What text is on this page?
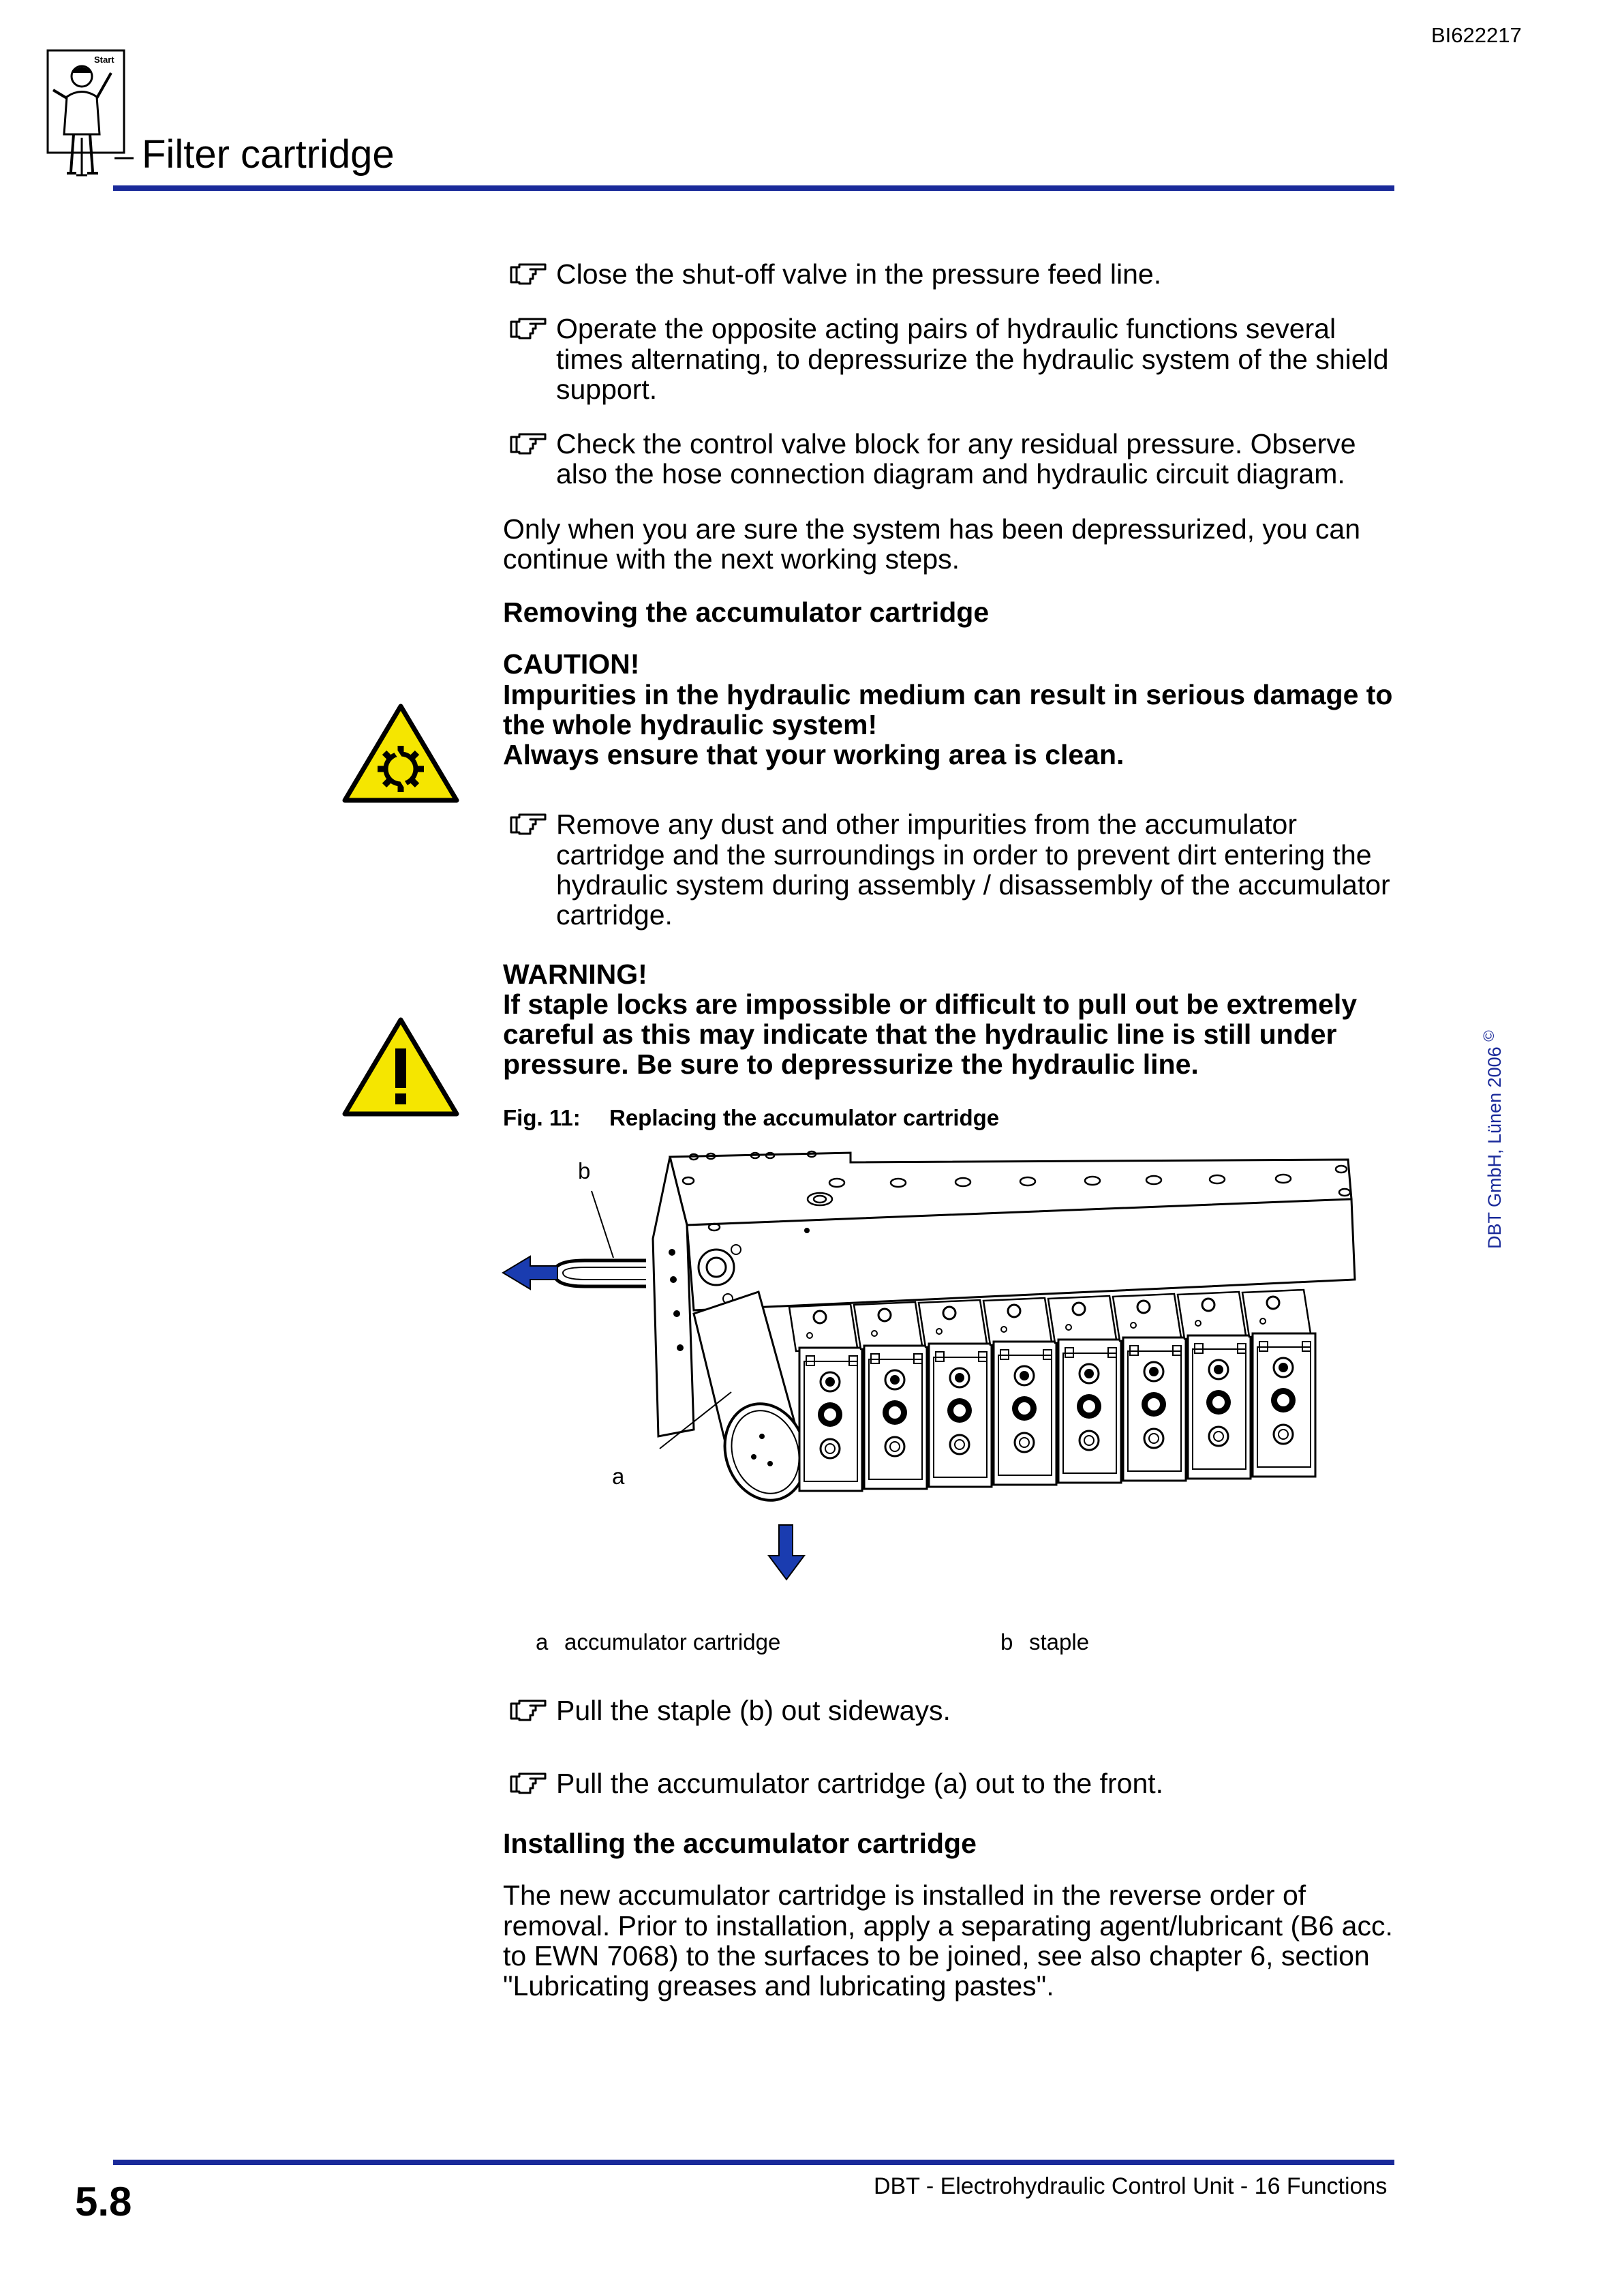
BI622217
Start
Filter cartridge
Close the shut-off valve in the pressure feed line.
Operate the opposite acting pairs of hydraulic functions several times alternating, to depressurize the hydraulic system of the shield support.
Check the control valve block for any residual pressure. Observe also the hose connection diagram and hydraulic circuit diagram.
Only when you are sure the system has been depressurized, you can continue with the next working steps.
Removing the accumulator cartridge
CAUTION!
Impurities in the hydraulic medium can result in serious damage to the whole hydraulic system!
Always ensure that your working area is clean.
Remove any dust and other impurities from the accumulator cartridge and the surroundings in order to prevent dirt entering the hydraulic system during assembly / disassembly of the accumulator cartridge.
WARNING!
If staple locks are impossible or difficult to pull out be extremely careful as this may indicate that the hydraulic line is still under pressure. Be sure to depressurize the hydraulic line.
Fig. 11: Replacing the accumulator cartridge
b
a
a accumulator cartridge	b staple
Pull the staple (b) out sideways.
Pull the accumulator cartridge (a) out to the front.
Installing the accumulator cartridge
The new accumulator cartridge is installed in the reverse order of removal. Prior to installation, apply a separating agent/lubricant (B6 acc. to EWN 7068) to the surfaces to be joined, see also chapter 6, section "Lubricating greases and lubricating pastes".
DBT GmbH, Lünen 2006 ©
5.8	DBT - Electrohydraulic Control Unit - 16 Functions
